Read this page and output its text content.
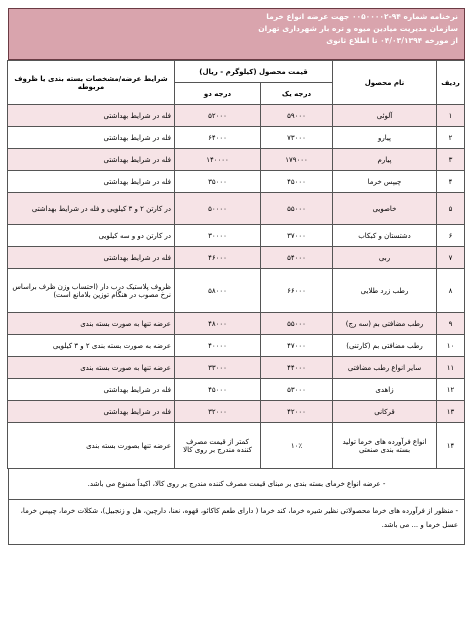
نرخنامه شماره ۹۴-۰۰۵۰۰۰۰۲ جهت عرضه انواع خرما
سازمان مدیریت میادین میوه و تره بار شهرداری تهران
از مورخه ۰۴/۰۳/۱۳۹۴ تا اطلاع ثانوی
ردیف	نام محصول	قیمت محصول (کیلوگرم - ریال)		شرایط عرضه/مشخصات بسته بندی یا ظروف مربوطه
		درجه یک	درجه دو	
۱	آلوئی	۵۹۰۰۰	۵۲۰۰۰	فله در شرایط بهداشتی
۲	پیارو	۷۳۰۰۰	۶۴۰۰۰	فله در شرایط بهداشتی
۳	پیارم	۱۷۹۰۰۰	۱۴۰۰۰۰	فله در شرایط بهداشتی
۴	چیپس خرما	۴۵۰۰۰	۳۵۰۰۰	فله در شرایط بهداشتی
۵	خاصویی	۵۵۰۰۰	۵۰۰۰۰	در کارتن ۲ و ۳ کیلویی و فله در شرایط بهداشتی
۶	دشتستان و کبکاب	۳۷۰۰۰	۳۰۰۰۰	در کارتن دو و سه کیلویی
۷	ربی	۵۴۰۰۰	۴۶۰۰۰	فله در شرایط بهداشتی
۸	رطب زرد طلایی	۶۶۰۰۰	۵۸۰۰۰	ظروف پلاستیک درب دار (احتساب وزن ظرف براساس نرخ مصوب در هنگام توزین بلامانع است)
۹	رطب مضافتی بم (سه رج)	۵۵۰۰۰	۴۸۰۰۰	عرضه تنها به صورت بسته بندی
۱۰	رطب مضافتی بم (کارتنی)	۴۷۰۰۰	۴۰۰۰۰	عرضه به صورت بسته بندی ۲ و ۳ کیلویی
۱۱	سایر انواع رطب مضافتی	۴۴۰۰۰	۳۳۰۰۰	عرضه تنها به صورت بسته بندی
۱۲	زاهدی	۵۳۰۰۰	۴۵۰۰۰	فله در شرایط بهداشتی
۱۳	قرکانی	۴۲۰۰۰	۳۲۰۰۰	فله در شرایط بهداشتی
۱۴	انواع فرآورده های خرما تولید بسته بندی صنعتی	۱۰٪	کمتر از قیمت مصرف کننده مندرج بر روی کالا	عرضه تنها بصورت بسته بندی
- عرضه انواع خرمای بسته بندی بر مبنای قیمت مصرف کننده مندرج بر روی کالا، اکیداً ممنوع می باشد.
- منظور از فرآورده های خرما محصولاتی نظیر شیره خرما، کند خرما ( دارای طعم کاکائو، قهوه، نعنا، دارچین، هل و زنجبیل)، شکلات خرما، چیپس خرما، عسل خرما و ... می باشد.
